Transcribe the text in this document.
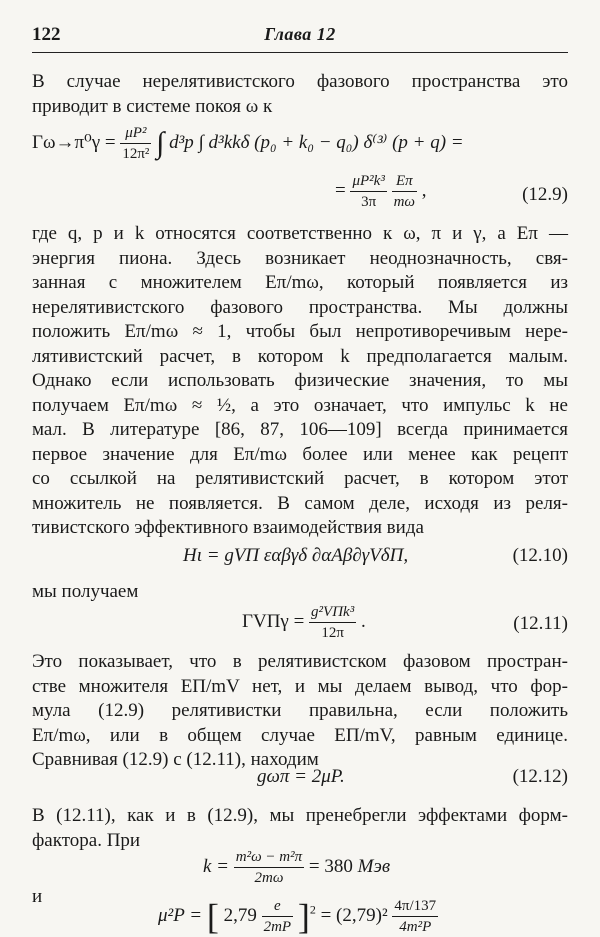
122	Глава 12
В случае нерелятивистского фазового пространства это
приводит в системе покоя ω к
$\Gamma\omega\to\pi^0\gamma = \frac{\text{μP²}}{\text{12π²}}$ ∫ d³p ∫ d³kkδ (p₀ + k₀ − q₀) δ⁽³⁾ (p + q) =
= $\frac{\text{μP²k³}}{3\pi}$
$\frac{E\pi}{m\omega}$ ,	(12.9)
где q, p и k относятся соответственно к ω, π и γ, а Eπ —
энергия пиона. Здесь возникает неоднозначность, свя-
занная с множителем Eπ/mω, который появляется из
нерелятивистского фазового пространства. Мы должны
положить Eπ/mω ≈ 1, чтобы был непротиворечивым нере-
лятивистский расчет, в котором k предполагается малым.
Однако если использовать физические значения, то мы
получаем Eπ/mω ≈ ½, а это означает, что импульс k не
мал. В литературе [86, 87, 106—109] всегда принимается
первое значение для Eπ/mω более или менее как рецепт
со ссылкой на релятивистский расчет, в котором этот
множитель не появляется. В самом деле, исходя из реля-
тивистского эффективного взаимодействия вида
Hι = gVΠ εαβγδ ∂αAβ∂γVδΠ,	(12.10)
мы получаем
$\Gamma V\Pi\gamma = \frac{\text{g²VΠk³}}{12\pi}$ .	(12.11)
Это показывает, что в релятивистском фазовом простран-
стве множителя EΠ/mV нет, и мы делаем вывод, что фор-
мула (12.9) релятивистки правильна, если положить
Eπ/mω, или в общем случае EΠ/mV, равным единице.
Сравнивая (12.9) с (12.11), находим
gωπ = 2μP.	(12.12)
В (12.11), как и в (12.9), мы пренебрегли эффектами форм-
фактора. При
$k = \frac{\text{m²ω − m²π}}{2m\omega} = 380$ Мэв
и
μ²P = [ $2,79 \frac{e}{2mP} ]^2 = (2,79)^2 \frac{4\pi/137}{\text{4m²P}}$
